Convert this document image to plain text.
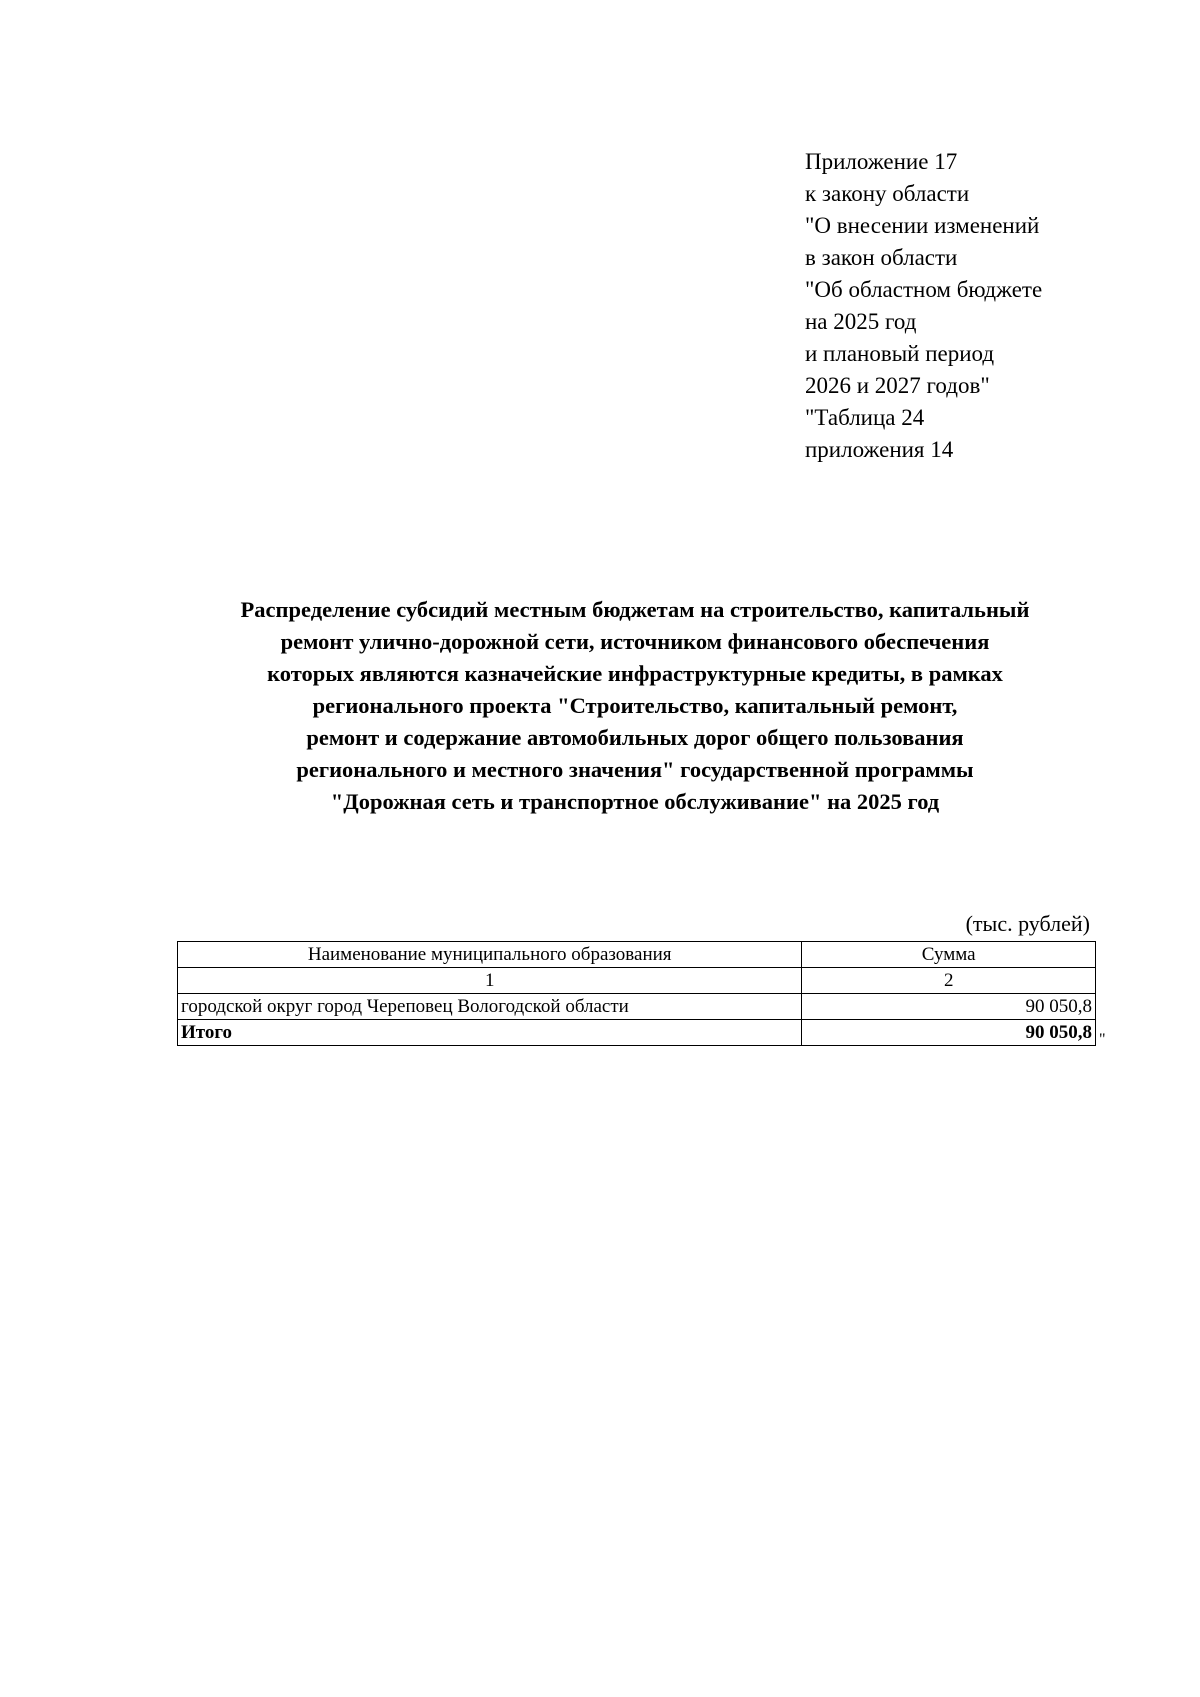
Приложение 17
к закону области
"О внесении изменений
в закон области
"Об областном бюджете
на 2025 год
и плановый период
2026 и 2027 годов"
"Таблица 24
приложения 14
Распределение субсидий местным бюджетам на строительство, капитальный
ремонт улично-дорожной сети, источником финансового обеспечения
которых являются казначейские инфраструктурные кредиты, в рамках
регионального проекта "Строительство, капитальный ремонт,
ремонт и содержание автомобильных дорог общего пользования
регионального и местного значения" государственной программы
"Дорожная сеть и транспортное обслуживание" на 2025 год
(тыс. рублей)
Наименование муниципального образования	Сумма
1	2
городской округ город Череповец Вологодской области	90 050,8
Итого	90 050,8 "
